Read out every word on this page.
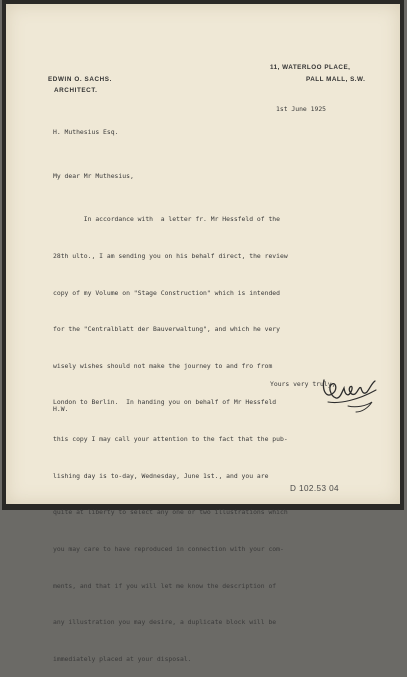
EDWIN O. SACHS.
ARCHITECT.
11, WATERLOO PLACE,
PALL MALL, S.W.
1st June 1925
H. Muthesius Esq.
My dear Mr Muthesius,

In accordance with  a letter fr. Mr Hessfeld of the

28th ulto., I am sending you on his behalf direct, the review

copy of my Volume on "Stage Construction" which is intended

for the "Centralblatt der Bauverwaltung", and which he very

wisely wishes should not make the journey to and fro from

London to Berlin.  In handing you on behalf of Mr Hessfeld

this copy I may call your attention to the fact that the pub-

lishing day is to-day, Wednesday, June 1st., and you are

quite at liberty to select any one or two illustrations which

you may care to have reproduced in connection with your com-

ments, and that if you will let me know the description of

any illustration you may desire, a duplicate block will be

immediately placed at your disposal.

Yours very truly,
H.W.
D 102.53 04
